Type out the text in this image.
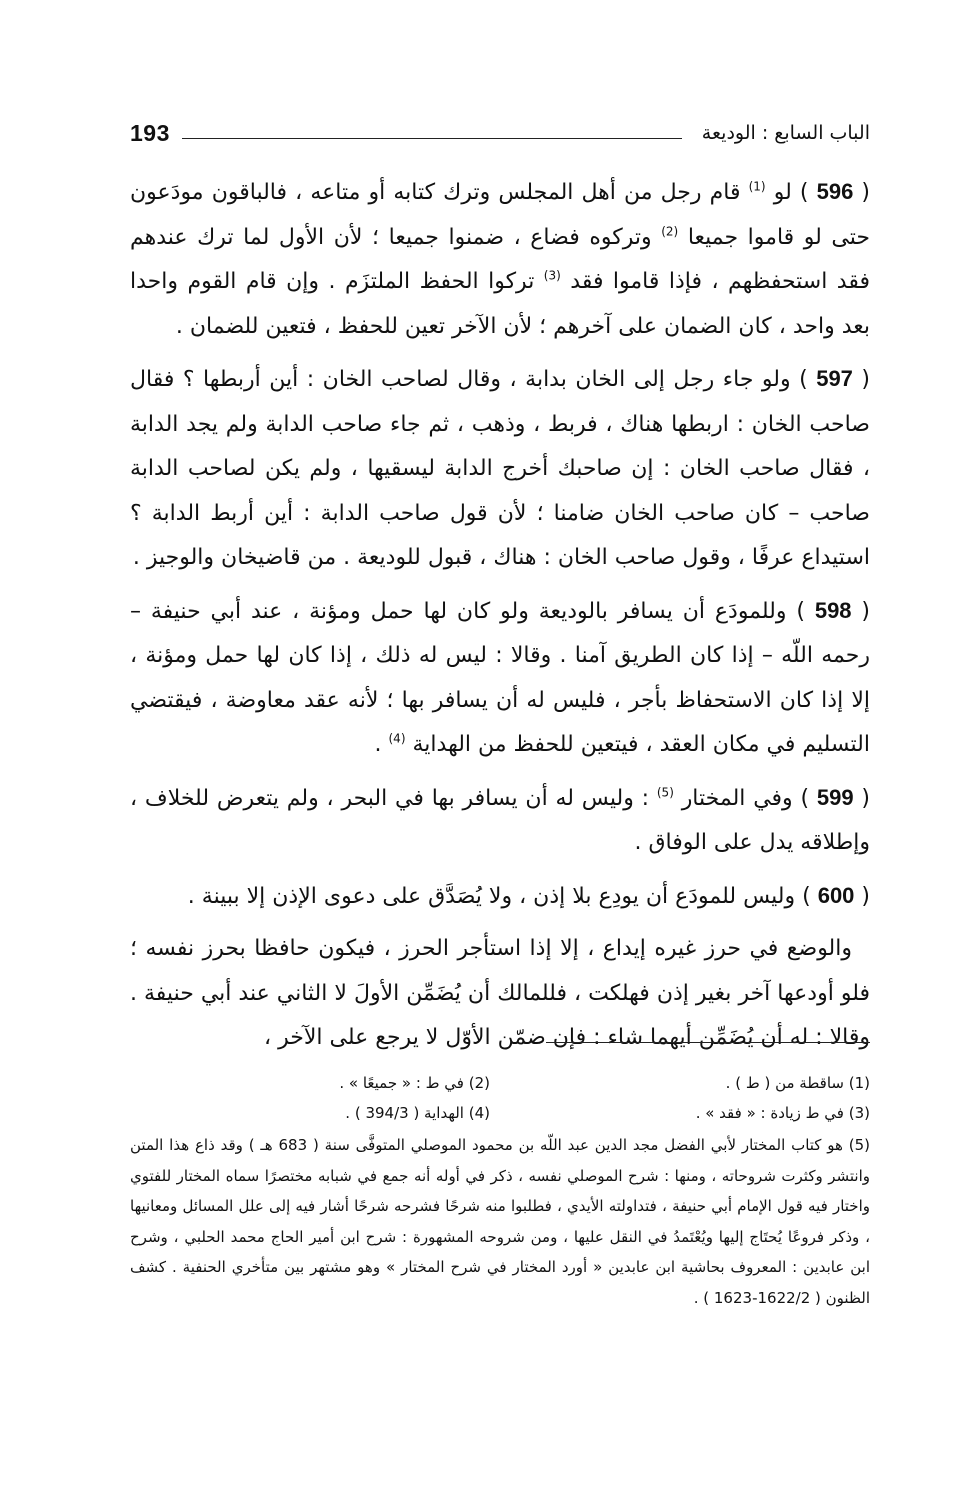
193	الباب السابع : الوديعة

( 596 ) لو $^{(1)}$ قام رجل من أهل المجلس وترك كتابه أو متاعه ، فالباقون مودَعون حتى لو قاموا جميعا $^{(2)}$ وتركوه فضاع ، ضمنوا جميعا ؛ لأن الأول لما ترك عندهم فقد استحفظهم ، فإذا قاموا فقد $^{(3)}$ تركوا الحفظ الملتزَم . وإن قام القوم واحدا بعد واحد ، كان الضمان على آخرهم ؛ لأن الآخر تعين للحفظ ، فتعين للضمان .

( 597 ) ولو جاء رجل إلى الخان بدابة ، وقال لصاحب الخان : أين أربطها ؟ فقال صاحب الخان : اربطها هناك ، فربط ، وذهب ، ثم جاء صاحب الدابة ولم يجد الدابة ، فقال صاحب الخان : إن صاحبك أخرج الدابة ليسقيها ، ولم يكن لصاحب الدابة صاحب – كان صاحب الخان ضامنا ؛ لأن قول صاحب الدابة : أين أربط الدابة ؟ استيداع عرفًا ، وقول صاحب الخان : هناك ، قبول للوديعة . من قاضيخان والوجيز .

( 598 ) وللمودَع أن يسافر بالوديعة ولو كان لها حمل ومؤنة ، عند أبي حنيفة – رحمه اللّه – إذا كان الطريق آمنا . وقالا : ليس له ذلك ، إذا كان لها حمل ومؤنة ، إلا إذا كان الاستحفاظ بأجر ، فليس له أن يسافر بها ؛ لأنه عقد معاوضة ، فيقتضي التسليم في مكان العقد ، فيتعين للحفظ من الهداية $^{(4)}$ .

( 599 ) وفي المختار $^{(5)}$ : وليس له أن يسافر بها في البحر ، ولم يتعرض للخلاف ، وإطلاقه يدل على الوفاق .

( 600 ) وليس للمودَع أن يودِع بلا إذن ، ولا يُصَدَّق على دعوى الإذن إلا ببينة .

والوضع في حرز غيره إيداع ، إلا إذا استأجر الحرز ، فيكون حافظا بحرز نفسه ؛ فلو أودعها آخر بغير إذن فهلكت ، فللمالك أن يُضَمِّن الأولَ لا الثاني عند أبي حنيفة . وقالا : له أن يُضَمِّن أيهما شاء : فإن ضمّن الأوّل لا يرجع على الآخر ،

(1) ساقطة من ( ط ) .
(2) في ط : « جميعًا » .
(3) في ط زيادة : « فقد » .
(4) الهداية ( 394/3 ) .
(5) هو كتاب المختار لأبي الفضل مجد الدين عبد اللّه بن محمود الموصلي المتوفَّى سنة ( 683 هـ ) وقد ذاع هذا المتن وانتشر وكثرت شروحاته ، ومنها : شرح الموصلي نفسه ، ذكر في أوله أنه جمع في شبابه مختصرًا سماه المختار للفتوي واختار فيه قول الإمام أبي حنيفة ، فتداولته الأيدي ، فطلبوا منه شرحًا فشرحه شرحًا أشار فيه إلى علل المسائل ومعانيها ، وذكر فروعًا يُحتَاج إليها ويُعْتَمدُ في النقل عليها ، ومن شروحه المشهورة : شرح ابن أمير الحاج محمد الحلبي ، وشرح ابن عابدين : المعروف بحاشية ابن عابدين « أورد المختار في شرح المختار » وهو مشتهر بين متأخري الحنفية . كشف الظنون ( 1622/2-1623 ) .
